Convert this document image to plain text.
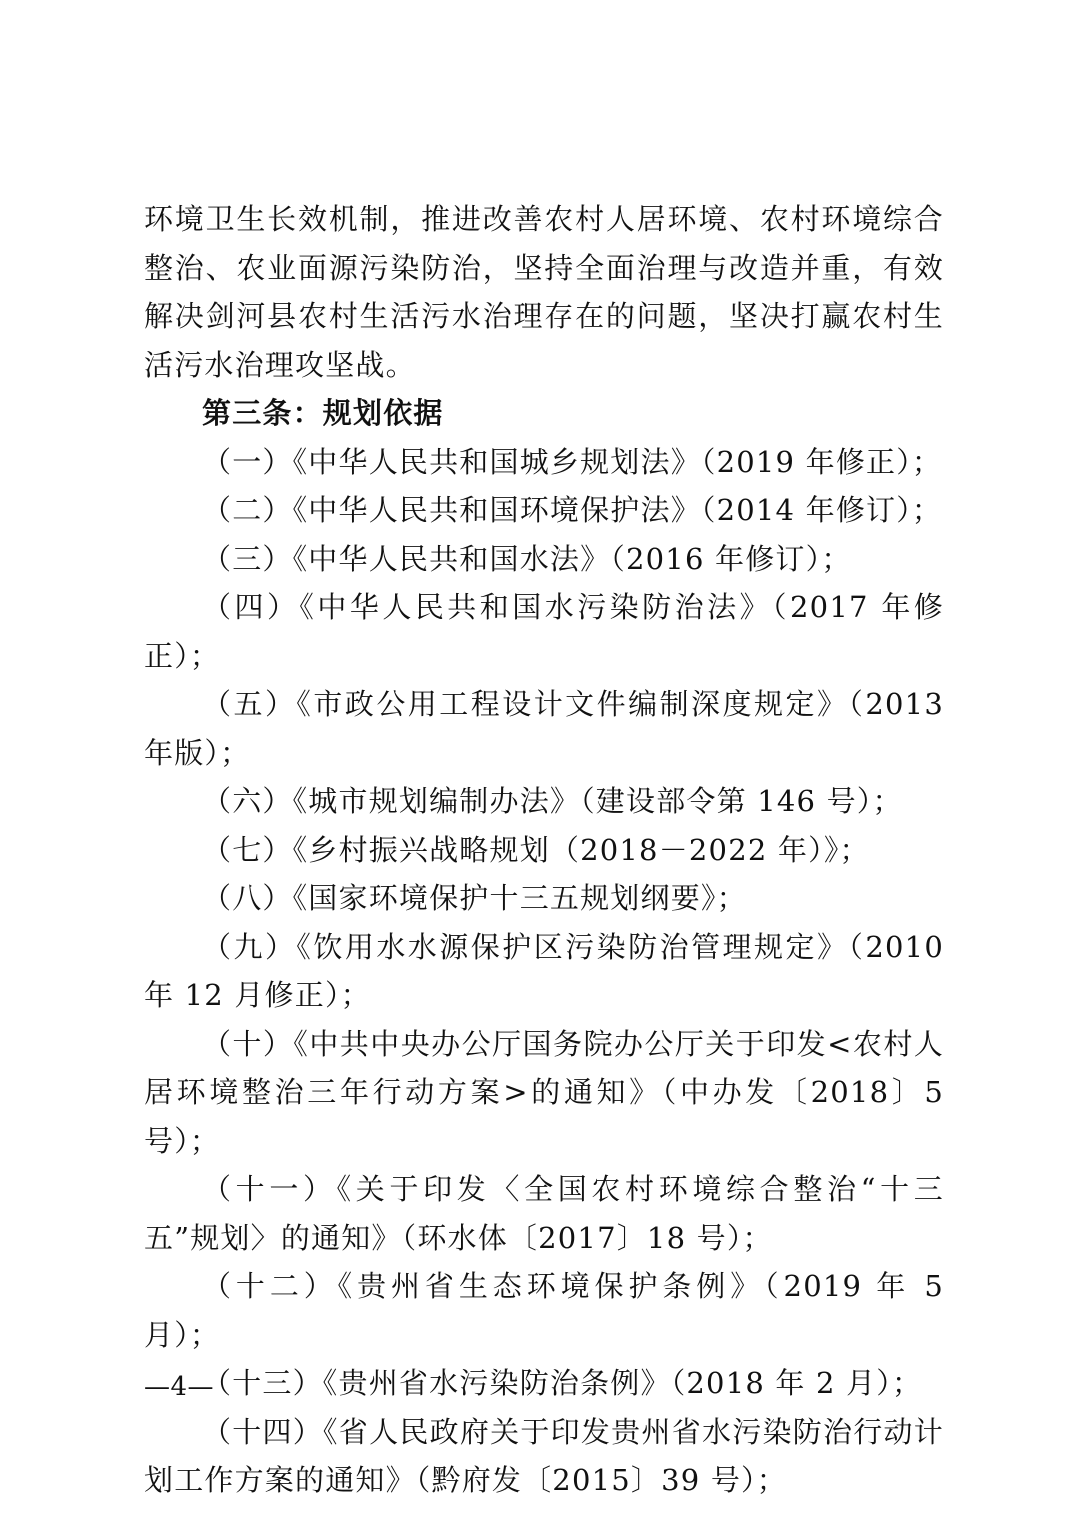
环境卫生长效机制，推进改善农村人居环境、农村环境综合整治、农业面源污染防治，坚持全面治理与改造并重，有效解决剑河县农村生活污水治理存在的问题，坚决打赢农村生活污水治理攻坚战。

第三条：规划依据

（一）《中华人民共和国城乡规划法》（2019 年修正）；

（二）《中华人民共和国环境保护法》（2014 年修订）；

（三）《中华人民共和国水法》（2016 年修订）；

（四）《中华人民共和国水污染防治法》（2017 年修正）；

（五）《市政公用工程设计文件编制深度规定》（2013 年版）；

（六）《城市规划编制办法》（建设部令第 146 号）；

（七）《乡村振兴战略规划（2018－2022 年）》；

（八）《国家环境保护十三五规划纲要》；

（九）《饮用水水源保护区污染防治管理规定》（2010 年 12 月修正）；

（十）《中共中央办公厅国务院办公厅关于印发<农村人居环境整治三年行动方案>的通知》（中办发〔2018〕5 号）；

（十一）《关于印发〈全国农村环境综合整治“十三五”规划〉的通知》（环水体〔2017〕18 号）；

（十二）《贵州省生态环境保护条例》（2019 年 5 月）；

（十三）《贵州省水污染防治条例》（2018 年 2 月）；

（十四）《省人民政府关于印发贵州省水污染防治行动计划工作方案的通知》（黔府发〔2015〕39 号）；

—4—
